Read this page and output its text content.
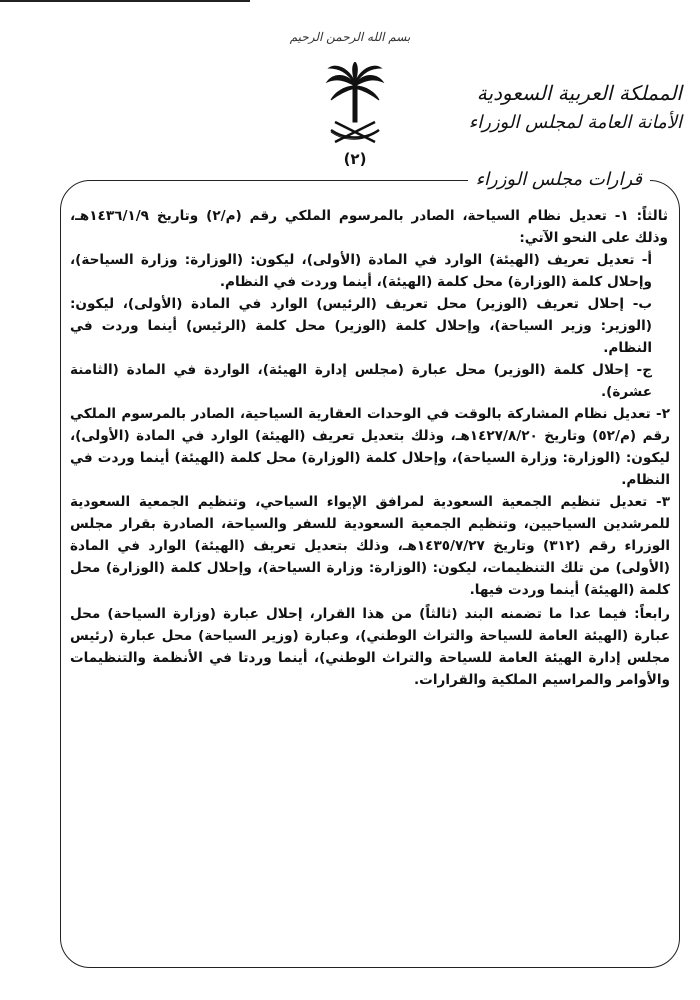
بسم الله الرحمن الرحيم
(٢)
المملكة العربية السعودية
الأمانة العامة لمجلس الوزراء
قرارات مجلس الوزراء

ثالثاً: ١- تعديل نظام السياحة، الصادر بالمرسوم الملكي رقم (م/٢) وتاريخ ١٤٣٦/١/٩هـ، وذلك على النحو الآتي:

أ- تعديل تعريف (الهيئة) الوارد في المادة (الأولى)، ليكون: (الوزارة: وزارة السياحة)، وإحلال كلمة (الوزارة) محل كلمة (الهيئة)، أينما وردت في النظام.

ب- إحلال تعريف (الوزير) محل تعريف (الرئيس) الوارد في المادة (الأولى)، ليكون: (الوزير: وزير السياحة)، وإحلال كلمة (الوزير) محل كلمة (الرئيس) أينما وردت في النظام.

ج- إحلال كلمة (الوزير) محل عبارة (مجلس إدارة الهيئة)، الواردة في المادة (الثامنة عشرة).

٢- تعديل نظام المشاركة بالوقت في الوحدات العقارية السياحية، الصادر بالمرسوم الملكي رقم (م/٥٢) وتاريخ ١٤٢٧/٨/٢٠هـ، وذلك بتعديل تعريف (الهيئة) الوارد في المادة (الأولى)، ليكون: (الوزارة: وزارة السياحة)، وإحلال كلمة (الوزارة) محل كلمة (الهيئة) أينما وردت في النظام.

٣- تعديل تنظيم الجمعية السعودية لمرافق الإيواء السياحي، وتنظيم الجمعية السعودية للمرشدين السياحيين، وتنظيم الجمعية السعودية للسفر والسياحة، الصادرة بقرار مجلس الوزراء رقم (٣١٢) وتاريخ ١٤٣٥/٧/٢٧هـ، وذلك بتعديل تعريف (الهيئة) الوارد في المادة (الأولى) من تلك التنظيمات، ليكون: (الوزارة: وزارة السياحة)، وإحلال كلمة (الوزارة) محل كلمة (الهيئة) أينما وردت فيها.

رابعاً: فيما عدا ما تضمنه البند (ثالثاً) من هذا القرار، إحلال عبارة (وزارة السياحة) محل عبارة (الهيئة العامة للسياحة والتراث الوطني)، وعبارة (وزير السياحة) محل عبارة (رئيس مجلس إدارة الهيئة العامة للسياحة والتراث الوطني)، أينما وردتا في الأنظمة والتنظيمات والأوامر والمراسيم الملكية والقرارات.
